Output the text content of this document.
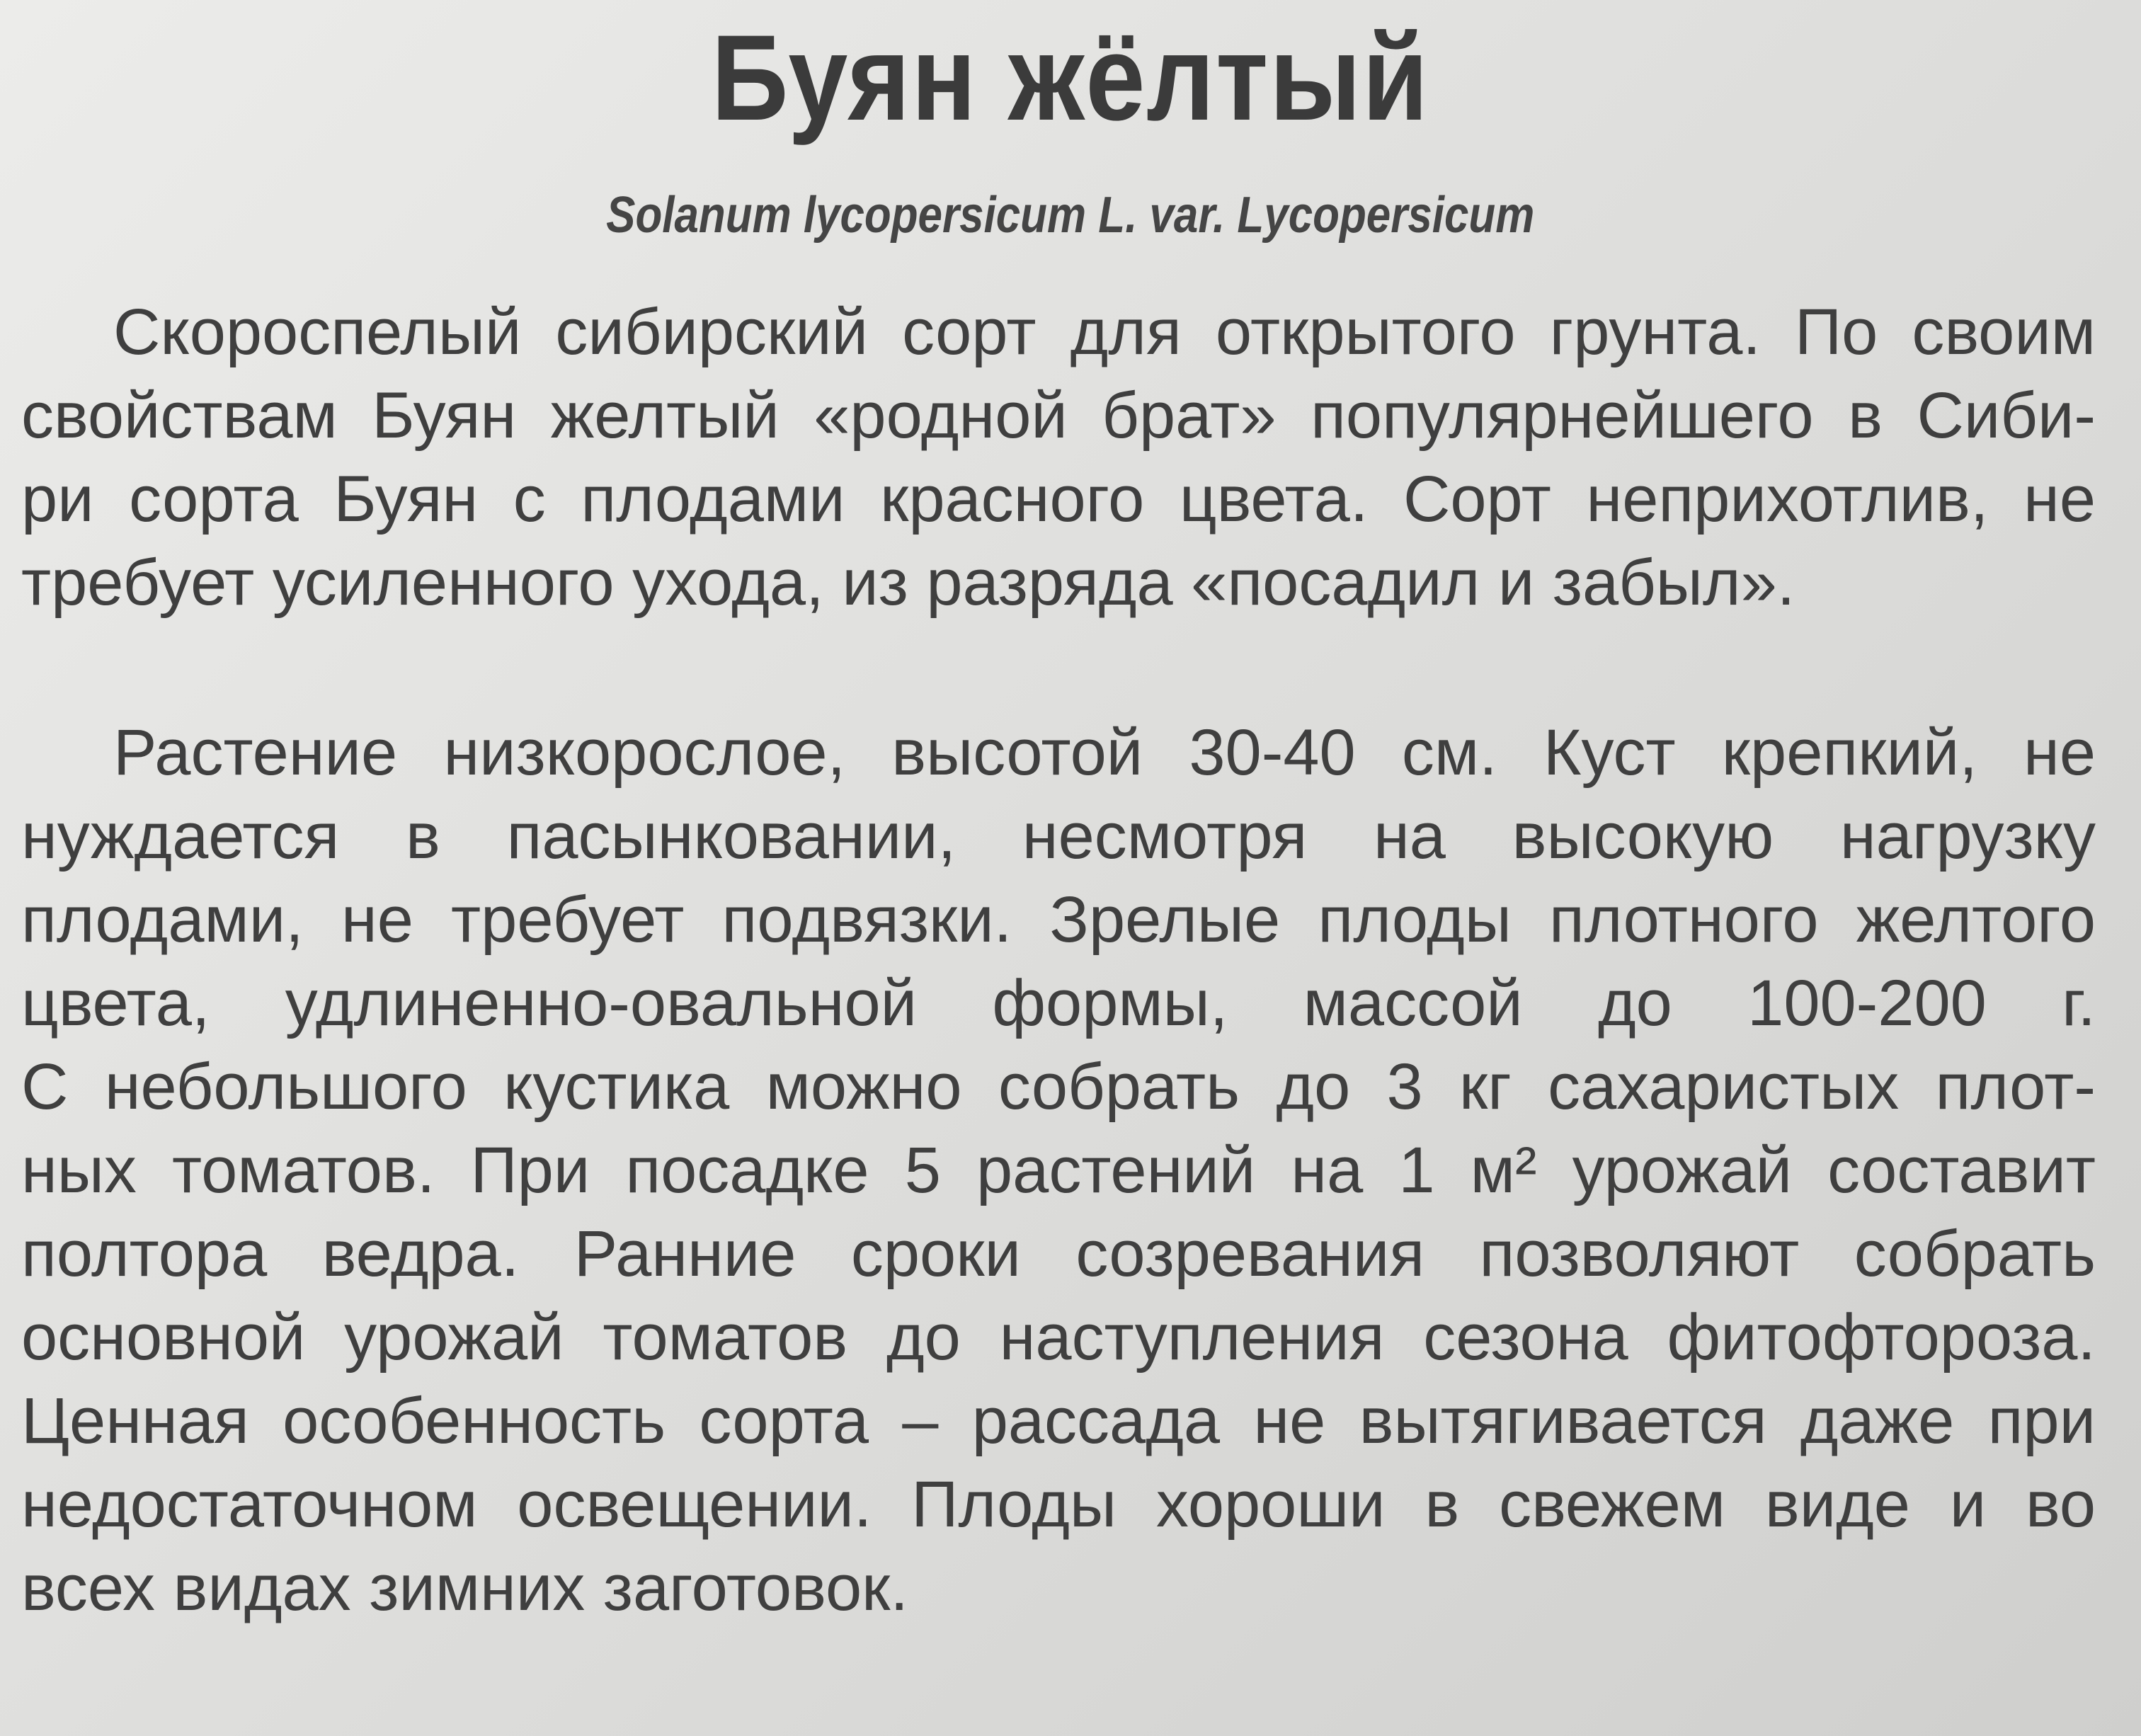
Буян жёлтый
Solanum lycopersicum L. var. Lycopersicum
Скороспелый сибирский сорт для открытого грунта. По своим
свойствам Буян желтый «родной брат» популярнейшего в Сиби-
ри сорта Буян с плодами красного цвета. Сорт неприхотлив, не
требует усиленного ухода, из разряда «посадил и забыл».
Растение низкорослое, высотой 30-40 см. Куст крепкий, не
нуждается в пасынковании, несмотря на высокую нагрузку
плодами, не требует подвязки. Зрелые плоды плотного желтого
цвета, удлиненно-овальной формы, массой до 100-200 г.
С небольшого кустика можно собрать до 3 кг сахаристых плот-
ных томатов. При посадке 5 растений на 1 м² урожай составит
полтора ведра. Ранние сроки созревания позволяют собрать
основной урожай томатов до наступления сезона фитофтороза.
Ценная особенность сорта – рассада не вытягивается даже при
недостаточном освещении. Плоды хороши в свежем виде и во
всех видах зимних заготовок.
